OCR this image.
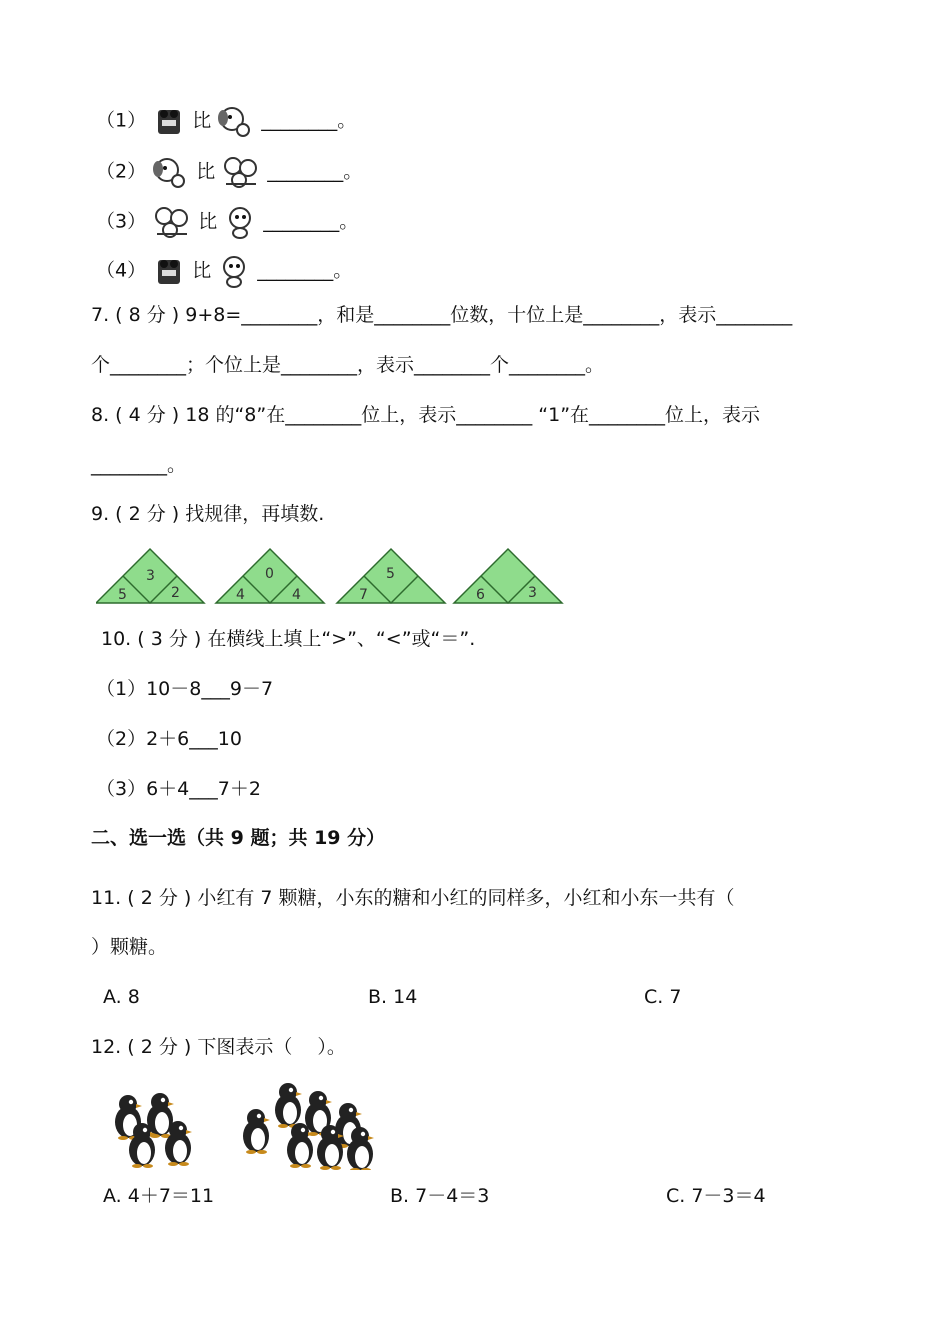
（1） 比	________。
（2）	比	________。
（3）	比 ________。
（4） 比 ________。
7. ( 8 分 ) 9+8=________，和是________位数，十位上是________，表示________
个________；个位上是________，表示________个________。
8. ( 4 分 ) 18 的“8”在________位上，表示________ “1”在________位上，表示
________。
9. ( 2 分 ) 找规律，再填数.
3
5	2
0
4	4
5
7	6	3
10. ( 3 分 ) 在横线上填上“>”、“<”或“＝”.
（1）10－8___9－7
（2）2＋6___10
（3）6＋4___7＋2
二、选一选（共 9 题；共 19 分）
11. ( 2 分 ) 小红有 7 颗糖，小东的糖和小红的同样多，小红和小东一共有（
）颗糖。
A. 8	B. 14	C. 7
12. ( 2 分 ) 下图表示（　 ）。
A. 4＋7＝11	B. 7－4＝3	C. 7－3＝4
